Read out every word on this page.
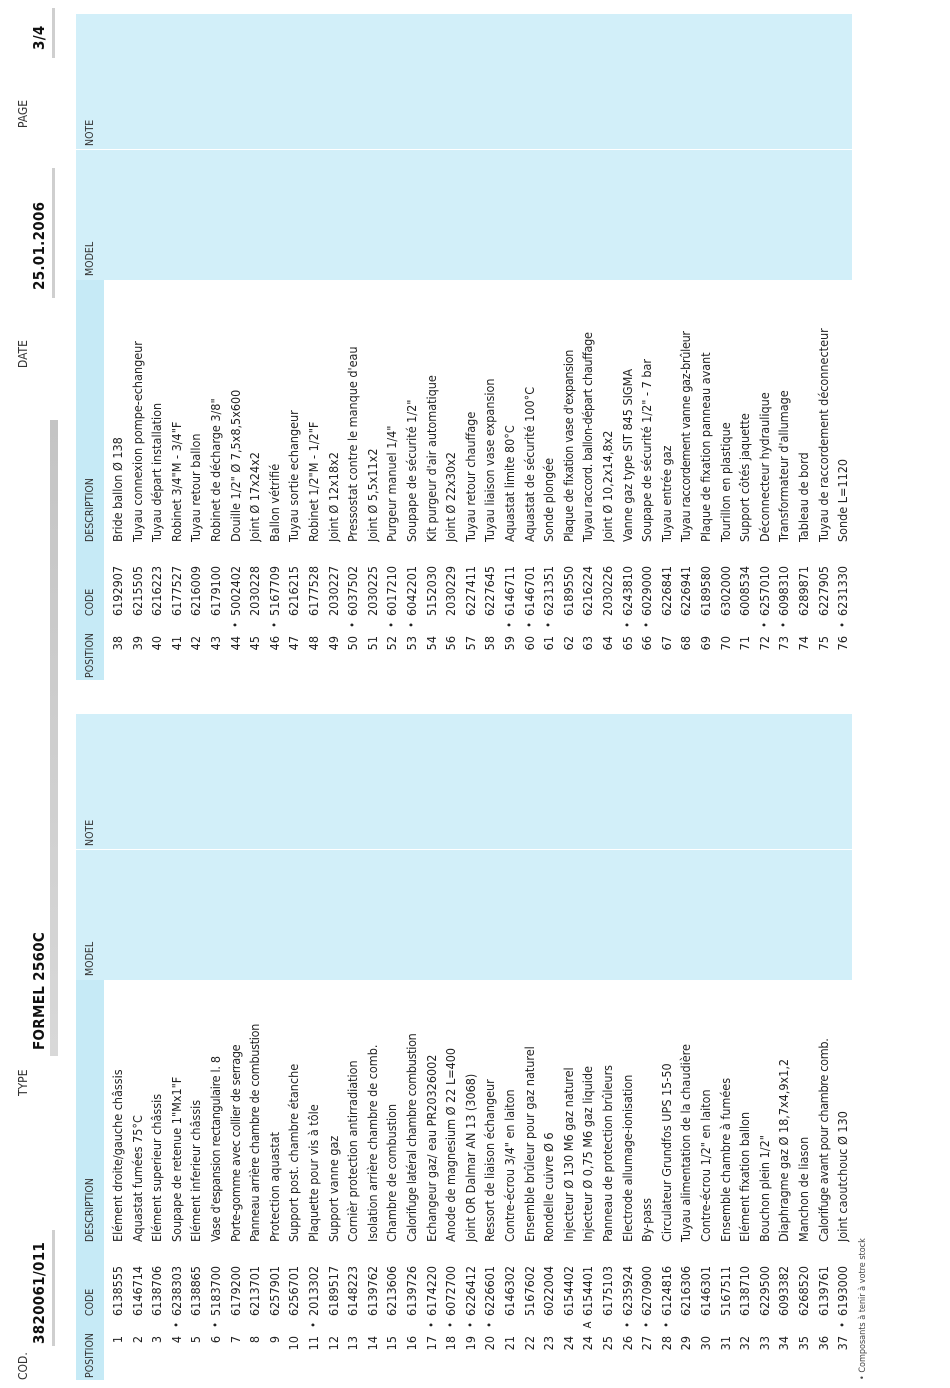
COD.
3820061/011
TYPE
FORMEL 2560C
DATE
25.01.2006
PAGE
3/4
POSITION
CODE
DESCRIPTION
MODEL
NOTE
1
6138555
Elément droite/gauche châssis
2
6146714
Aquastat fumées 75°C
3
6138706
Elément superieur châssis
4
•
6238303
Soupape de retenue 1"Mx1"F
5
6138865
Elément inferieur châssis
6
•
5183700
Vase d'espansion rectangulaire l. 8
7
6179200
Porte-gomme avec collier de serrage
8
6213701
Panneau arrière chambre de combustion
9
6257901
Protection aquastat
10
6256701
Support post. chambre étanche
11
•
2013302
Plaquette pour vis à tôle
12
6189517
Support vanne gaz
13
6148223
Cornièr protection antirradiation
14
6139762
Isolation arrière chambre de comb.
15
6213606
Chambre de combustion
16
6139726
Calorifuge latéral chambre combustion
17
•
6174220
Echangeur gaz/ eau PR20326002
18
•
6072700
Anode de magnesium Ø 22 L=400
19
•
6226412
Joint OR Dalmar AN 13 (3068)
20
•
6226601
Ressort de liaison échangeur
21
6146302
Contre-écrou 3/4" en laiton
22
5167602
Ensemble brûleur pour gaz naturel
23
6022004
Rondelle cuivre Ø 6
24
6154402
Injecteur Ø 130 M6 gaz naturel
24
A
6154401
Injecteur Ø 0,75 M6 gaz liquide
25
6175103
Panneau de protection brûleurs
26
•
6235924
Electrode allumage-ionisation
27
•
6270900
By-pass
28
•
6124816
Circulateur Grundfos UPS 15-50
29
6216306
Tuyau alimentation de la chaudière
30
6146301
Contre-écrou 1/2" en laiton
31
5167511
Ensemble chambre à fumées
32
6138710
Elément fixation ballon
33
6229500
Bouchon plein 1/2"
34
6093382
Diaphragme gaz Ø 18,7x4,9x1,2
35
6268520
Manchon de liason
36
6139761
Calorifuge avant pour chambre comb.
37
•
6193000
Joint caoutchouc Ø 130
POSITION
CODE
DESCRIPTION
MODEL
NOTE
38
6192907
Bride ballon Ø 138
39
6215505
Tuyau connexion pompe-echangeur
40
6216223
Tuyau départ installation
41
6177527
Robinet 3/4"M - 3/4"F
42
6216009
Tuyau retour ballon
43
6179100
Robinet de décharge 3/8"
44
•
5002402
Douille 1/2" Ø 7,5x8,5x600
45
2030228
Joint Ø 17x24x2
46
•
5167709
Ballon vétrifié
47
6216215
Tuyau sortie echangeur
48
6177528
Robinet 1/2"M - 1/2"F
49
2030227
Joint Ø 12x18x2
50
•
6037502
Pressostat contre le manque d'eau
51
2030225
Joint Ø 5,5x11x2
52
•
6017210
Purgeur manuel 1/4"
53
•
6042201
Soupape de sécurité 1/2"
54
5152030
Kit purgeur d'air automatique
56
2030229
Joint Ø 22x30x2
57
6227411
Tuyau retour chauffage
58
6227645
Tuyau liaison vase expansion
59
•
6146711
Aquastat limite 80°C
60
•
6146701
Aquastat de sécurité 100°C
61
•
6231351
Sonde plongée
62
6189550
Plaque de fixation vase d'expansion
63
6216224
Tuyau raccord. ballon-départ chauffage
64
2030226
Joint Ø 10,2x14,8x2
65
•
6243810
Vanne gaz type SIT 845 SIGMA
66
•
6029000
Soupape de sécurité 1/2" - 7 bar
67
6226841
Tuyau entrée gaz
68
6226941
Tuyau raccordement vanne gaz-brûleur
69
6189580
Plaque de fixation panneau avant
70
6302000
Tourillon en plastique
71
6008534
Support côtés jaquette
72
•
6257010
Déconnecteur hydraulique
73
•
6098310
Transformateur d'allumage
74
6289871
Tableau de bord
75
6227905
Tuyau de raccordement déconnecteur
76
•
6231330
Sonde L=1120
• Composants à tenir à votre stock
